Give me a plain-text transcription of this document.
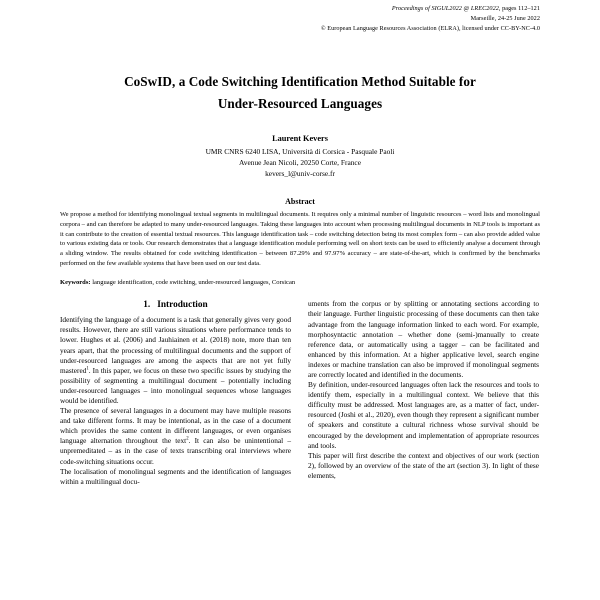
Proceedings of SIGUL2022 @ LREC2022, pages 112–121
Marseille, 24-25 June 2022
© European Language Resources Association (ELRA), licensed under CC-BY-NC-4.0
CoSwID, a Code Switching Identification Method Suitable for
Under-Resourced Languages
Laurent Kevers
UMR CNRS 6240 LISA, Università di Corsica - Pasquale Paoli
Avenue Jean Nicoli, 20250 Corte, France
kevers_l@univ-corse.fr
Abstract
We propose a method for identifying monolingual textual segments in multilingual documents. It requires only a minimal number of linguistic resources – word lists and monolingual corpora – and can therefore be adapted to many under-resourced languages. Taking these languages into account when processing multilingual documents in NLP tools is important as it can contribute to the creation of essential textual resources. This language identification task – code switching detection being its most complex form – can also provide added value to various existing data or tools. Our research demonstrates that a language identification module performing well on short texts can be used to efficiently analyse a document through a sliding window. The results obtained for code switching identification – between 87.29% and 97.97% accuracy – are state-of-the-art, which is confirmed by the benchmarks performed on the few available systems that have been used on our test data.
Keywords: language identification, code switching, under-resourced languages, Corsican
1. Introduction

Identifying the language of a document is a task that generally gives very good results. However, there are still various situations where performance tends to lower. Hughes et al. (2006) and Jauhiainen et al. (2018) note, more than ten years apart, that the processing of multilingual documents and the support of under-resourced languages are among the aspects that are not yet fully mastered$^1$. In this paper, we focus on these two specific issues by studying the possibility of segmenting a multilingual document – potentially including under-resourced languages – into monolingual sequences whose languages would be identified.

The presence of several languages in a document may have multiple reasons and take different forms. It may be intentional, as in the case of a document which provides the same content in different languages, or even organises language alternation throughout the text$^2$. It can also be unintentional – unpremeditated – as in the case of texts transcribing oral interviews where code-switching situations occur.

The localisation of monolingual segments and the identification of languages within a multilingual docu-

uments from the corpus or by splitting or annotating sections according to their language. Further linguistic processing of these documents can then take advantage from the language information linked to each word. For example, morphosyntactic annotation – whether done (semi-)manually to create reference data, or automatically using a tagger – can be facilitated and enhanced by this information. At a higher applicative level, search engine indexes or machine translation can also be improved if monolingual segments are correctly located and identified in the documents.

By definition, under-resourced languages often lack the resources and tools to identify them, especially in a multilingual context. We believe that this difficulty must be addressed. Most languages are, as a matter of fact, under-resourced (Joshi et al., 2020), even though they represent a significant number of speakers and constitute a cultural richness whose survival should be encouraged by the development and implementation of appropriate resources and tools.

This paper will first describe the context and objectives of our work (section 2), followed by an overview of the state of the art (section 3). In light of these elements,
